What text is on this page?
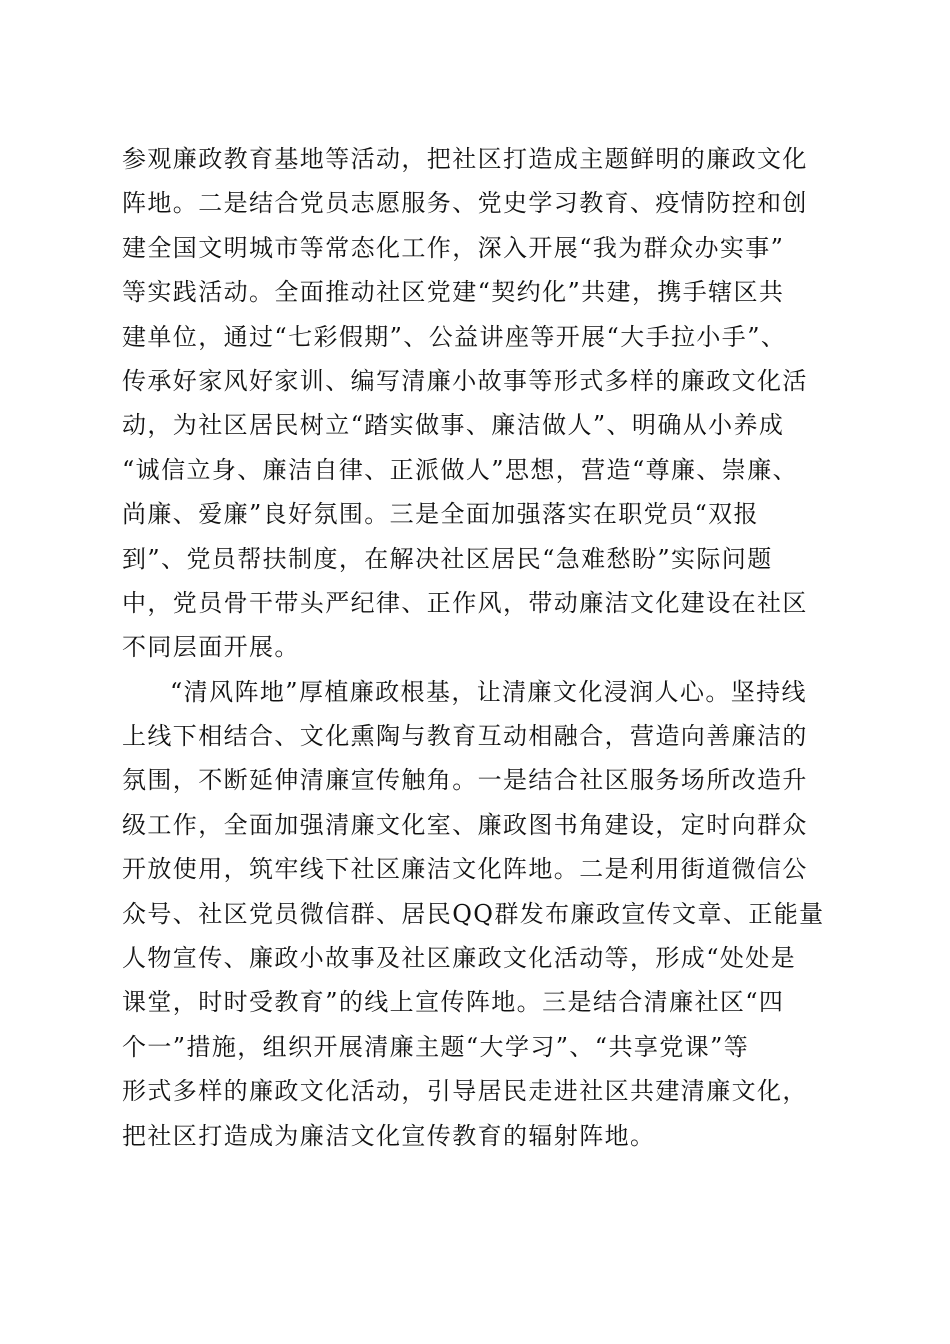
参观廉政教育基地等活动，把社区打造成主题鲜明的廉政文化
阵地。二是结合党员志愿服务、党史学习教育、疫情防控和创
建全国文明城市等常态化工作，深入开展“我为群众办实事”
等实践活动。全面推动社区党建“契约化”共建，携手辖区共
建单位，通过“七彩假期”、公益讲座等开展“大手拉小手”、
传承好家风好家训、编写清廉小故事等形式多样的廉政文化活
动，为社区居民树立“踏实做事、廉洁做人”、明确从小养成
“诚信立身、廉洁自律、正派做人”思想，营造“尊廉、崇廉、
尚廉、爱廉”良好氛围。三是全面加强落实在职党员“双报
到”、党员帮扶制度，在解决社区居民“急难愁盼”实际问题
中，党员骨干带头严纪律、正作风，带动廉洁文化建设在社区
不同层面开展。
“清风阵地”厚植廉政根基，让清廉文化浸润人心。坚持线
上线下相结合、文化熏陶与教育互动相融合，营造向善廉洁的
氛围，不断延伸清廉宣传触角。一是结合社区服务场所改造升
级工作，全面加强清廉文化室、廉政图书角建设，定时向群众
开放使用，筑牢线下社区廉洁文化阵地。二是利用街道微信公
众号、社区党员微信群、居民QQ群发布廉政宣传文章、正能量
人物宣传、廉政小故事及社区廉政文化活动等，形成“处处是
课堂，时时受教育”的线上宣传阵地。三是结合清廉社区“四
个一”措施，组织开展清廉主题“大学习”、“共享党课”等
形式多样的廉政文化活动，引导居民走进社区共建清廉文化，
把社区打造成为廉洁文化宣传教育的辐射阵地。
